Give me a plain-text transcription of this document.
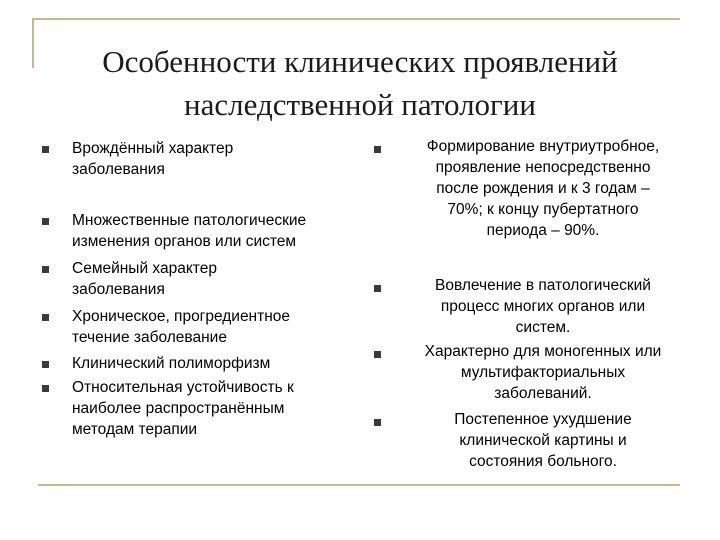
Особенности клинических проявлений
наследственной патологии

Врождённый характер
заболевания

Множественные патологические
изменения органов или систем

Семейный характер
заболевания

Хроническое, прогредиентное
течение заболевание

Клинический полиморфизм

Относительная устойчивость к
наиболее распространённым
методам терапии

Формирование внутриутробное,
проявление непосредственно
после рождения и к 3 годам –
70%; к концу пубертатного
периода – 90%.

Вовлечение в патологический
процесс многих органов или
систем.

Характерно для моногенных или
мультифакториальных
заболеваний.

Постепенное ухудшение
клинической картины и
состояния больного.
